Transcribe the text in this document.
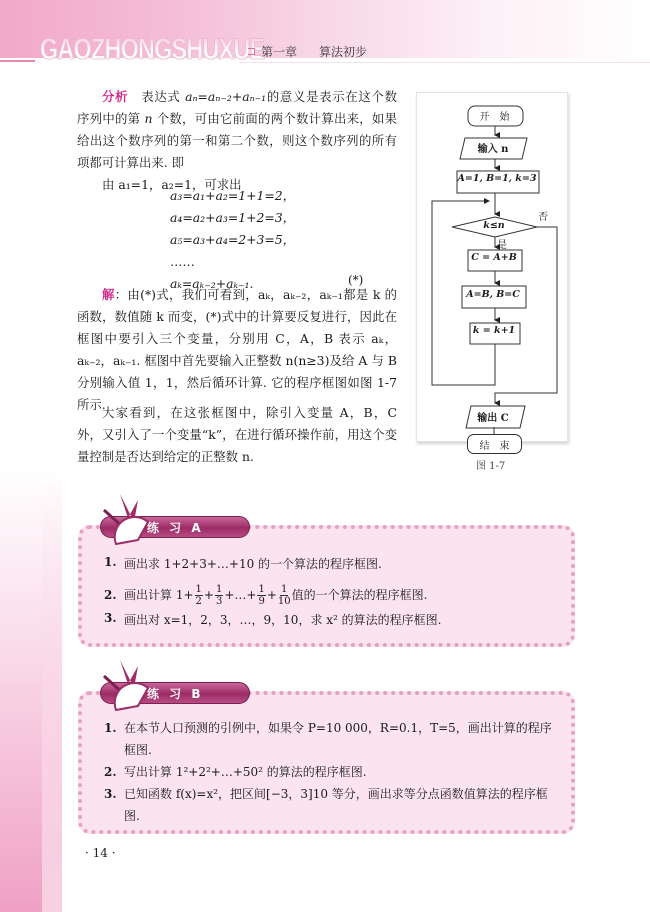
GAOZHONGSHUXUE
第一章 算法初步
分析  表达式 aₙ=aₙ₋₂+aₙ₋₁的意义是表示在这个数序列中的第 n 个数，可由它前面的两个数计算出来，如果给出这个数序列的第一和第二个数，则这个数序列的所有项都可计算出来. 即
由 a₁=1，a₂=1，可求出
a₃=a₁+a₂=1+1=2，
a₄=a₂+a₃=1+2=3，
a₅=a₃+a₄=2+3=5，
……
aₖ=aₖ₋₂+aₖ₋₁.	(*)
解：由(*)式，我们可看到，aₖ，aₖ₋₂，aₖ₋₁都是 k 的函数，数值随 k 而变，(*)式中的计算要反复进行，因此在框图中要引入三个变量，分别用 C，A，B 表示 aₖ，aₖ₋₂，aₖ₋₁. 框图中首先要输入正整数 n(n≥3)及给 A 与 B 分别输入值 1，1，然后循环计算. 它的程序框图如图 1-7 所示.
大家看到，在这张框图中，除引入变量 A，B，C 外，又引入了一个变量“k”，在进行循环操作前，用这个变量控制是否达到给定的正整数 n.
开　始
输入 n
A=1, B=1, k=3
k≤n
否
是
C = A+B
A=B, B=C
k = k+1
输出 C
图 1-7
1. 画出求 1+2+3+…+10 的一个算法的程序框图.
2. 画出计算 $1+ \frac{1}{2} + \frac{1}{3}$ +…+ $\frac{1}{9} + \frac{1}{10}$ 值的一个算法的程序框图.
3. 画出对 x=1，2，3，…，9，10，求 x² 的算法的程序框图.
练 习 A
1. 在本节人口预测的引例中，如果令 P=10 000，R=0.1，T=5，画出计算的程序框图.
2. 写出计算 1²+2²+…+50² 的算法的程序框图.
3. 已知函数 f(x)=x²，把区间[−3，3]10 等分，画出求等分点函数值算法的程序框图.
练 习 B
· 14 ·
结　束
